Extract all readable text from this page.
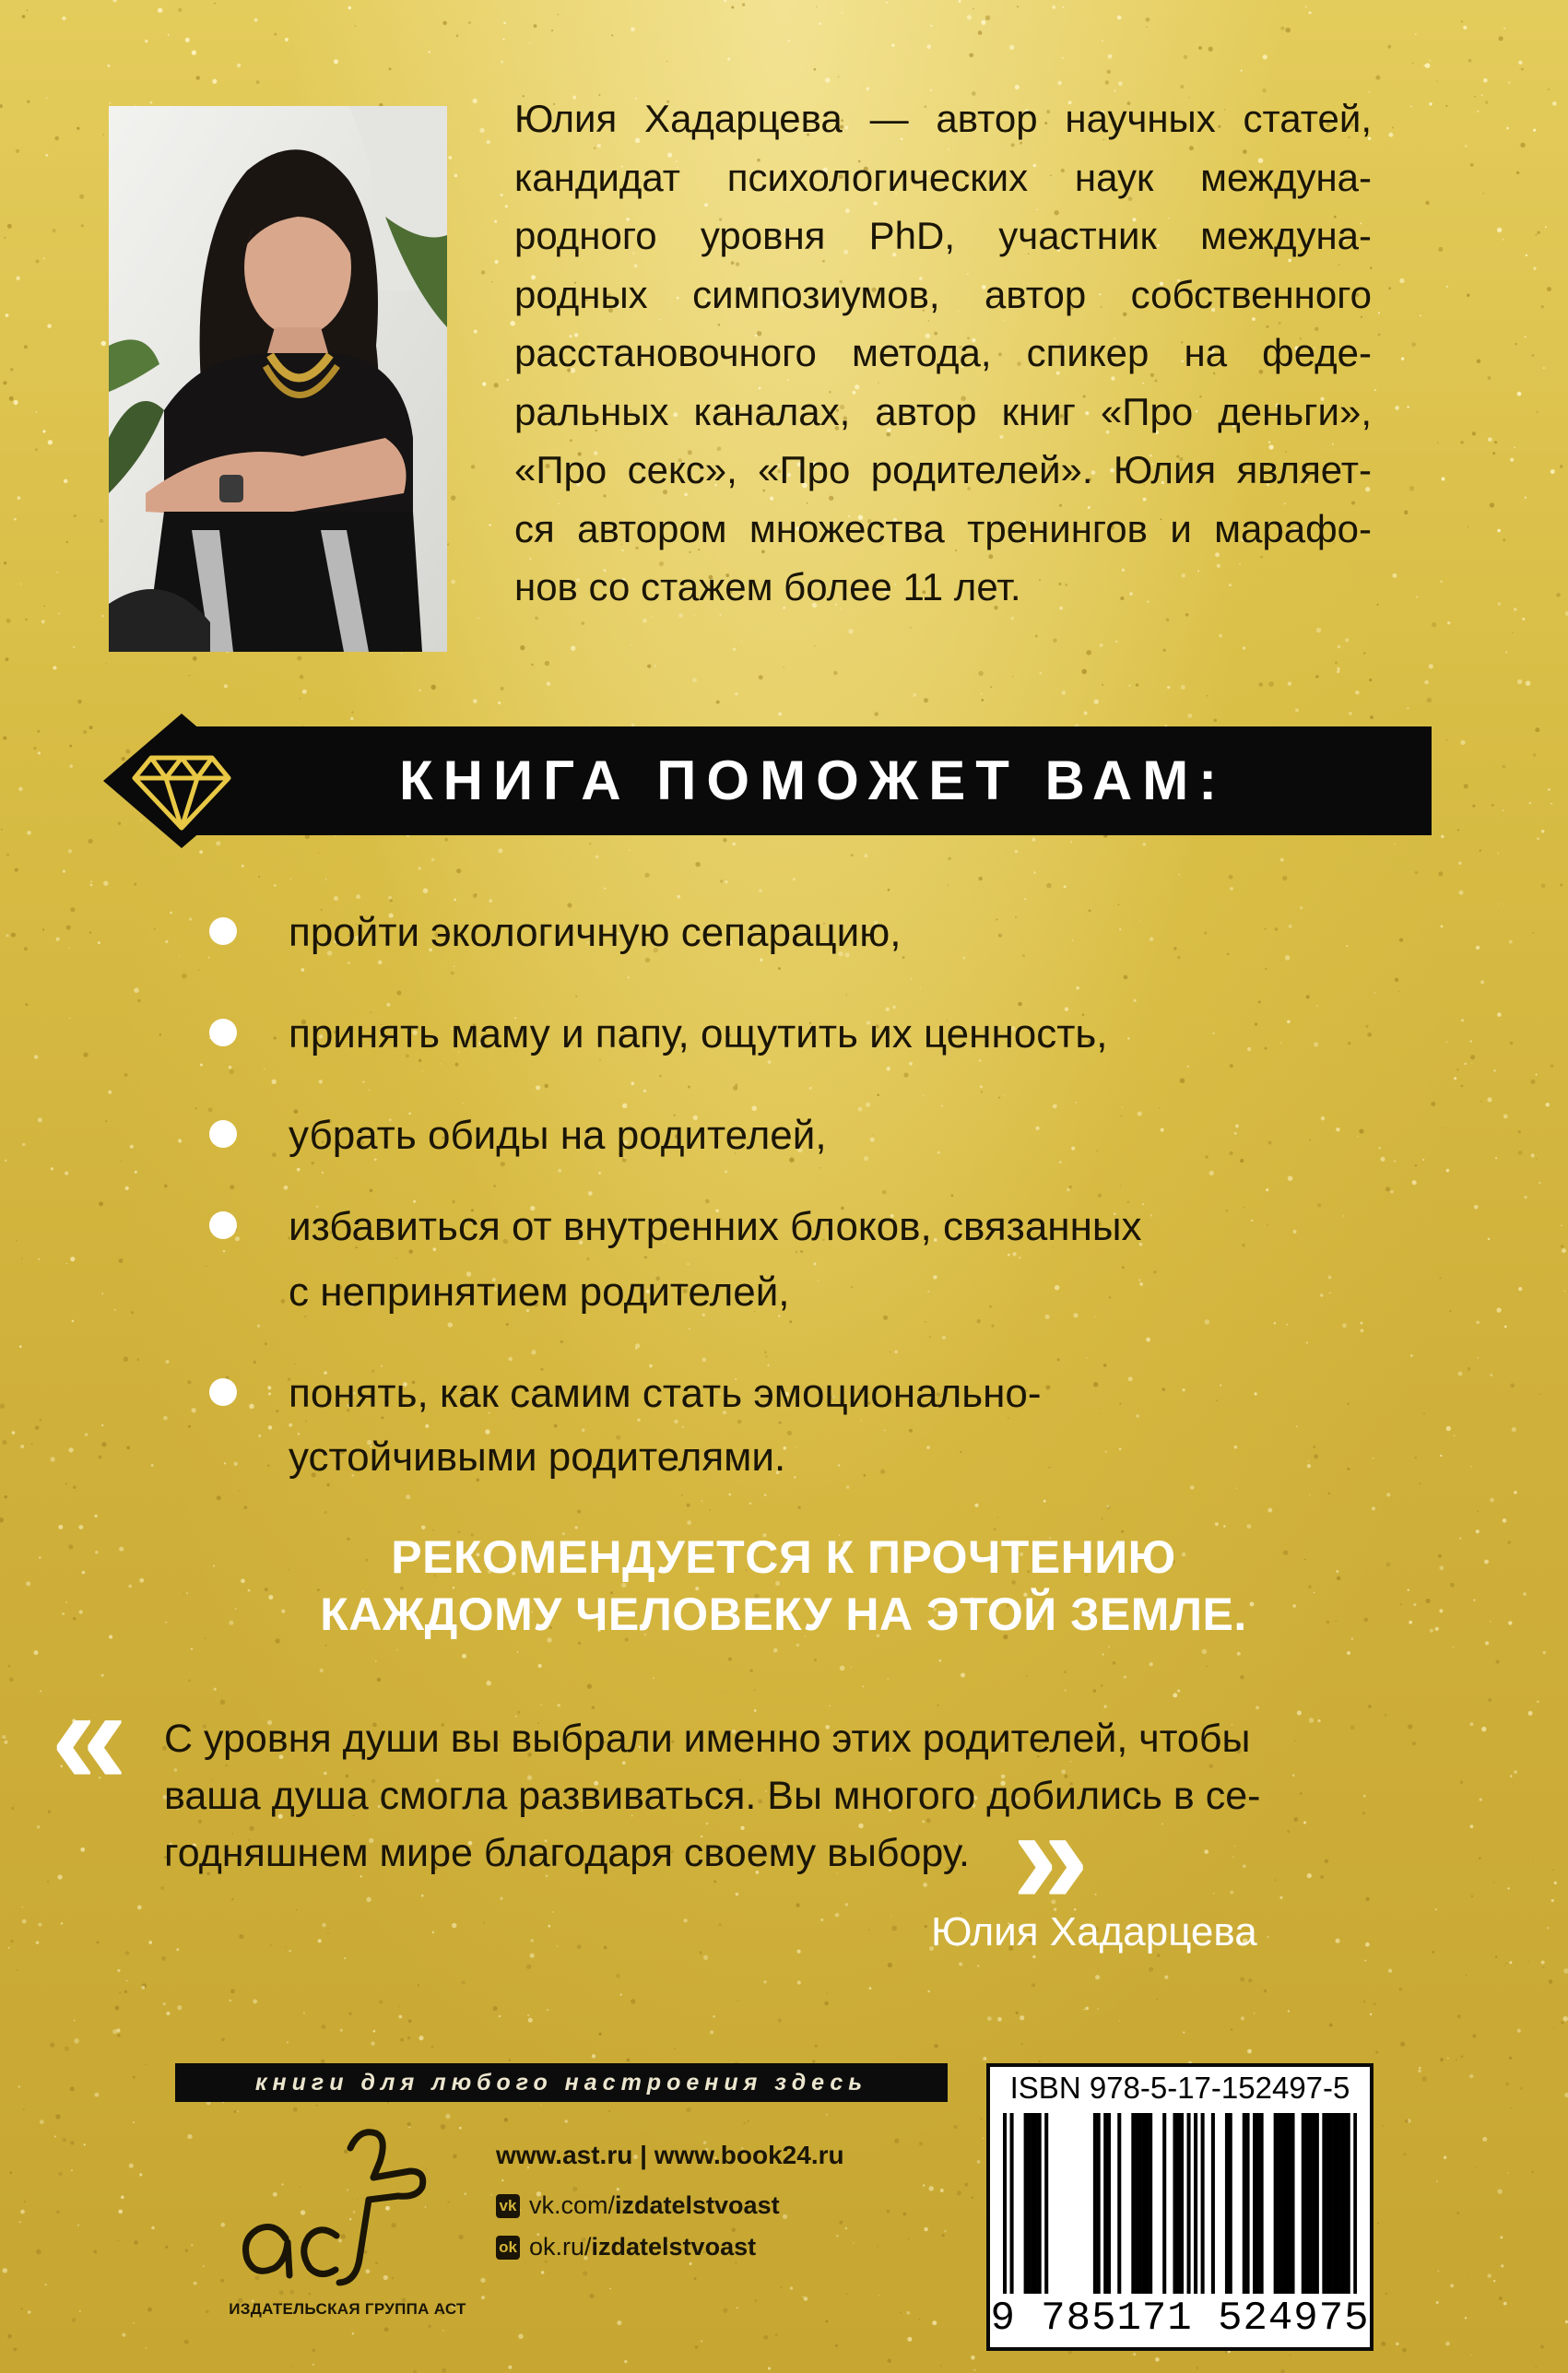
Юлия Хадарцева — автор научных статей,
кандидат психологических наук междуна-
родного уровня PhD, участник междуна-
родных симпозиумов, автор собственного
расстановочного метода, спикер на феде-
ральных каналах, автор книг «Про деньги»,
«Про секс», «Про родителей». Юлия являет-
ся автором множества тренингов и марафо-
нов со стажем более 11 лет.
КНИГА ПОМОЖЕТ ВАМ:
пройти экологичную сепарацию,
принять маму и папу, ощутить их ценность,
убрать обиды на родителей,
избавиться от внутренних блоков, связанных
с непринятием родителей,
понять, как самим стать эмоционально-
устойчивыми родителями.
РЕКОМЕНДУЕТСЯ К ПРОЧТЕНИЮ
КАЖДОМУ ЧЕЛОВЕКУ НА ЭТОЙ ЗЕМЛЕ.
« С уровня души вы выбрали именно этих родителей, чтобы
ваша душа смогла развиваться. Вы многого добились в се-
годняшнем мире благодаря своему выбору. »
Юлия Хадарцева
книги для любого настроения здесь
ИЗДАТЕЛЬСКАЯ ГРУППА АСТ
www.ast.ru | www.book24.ru
vk vk.com/ izdatelstvoast
ok ok.ru/ izdatelstvoast
ISBN 978-5-17-152497-5
9 785171 524975
